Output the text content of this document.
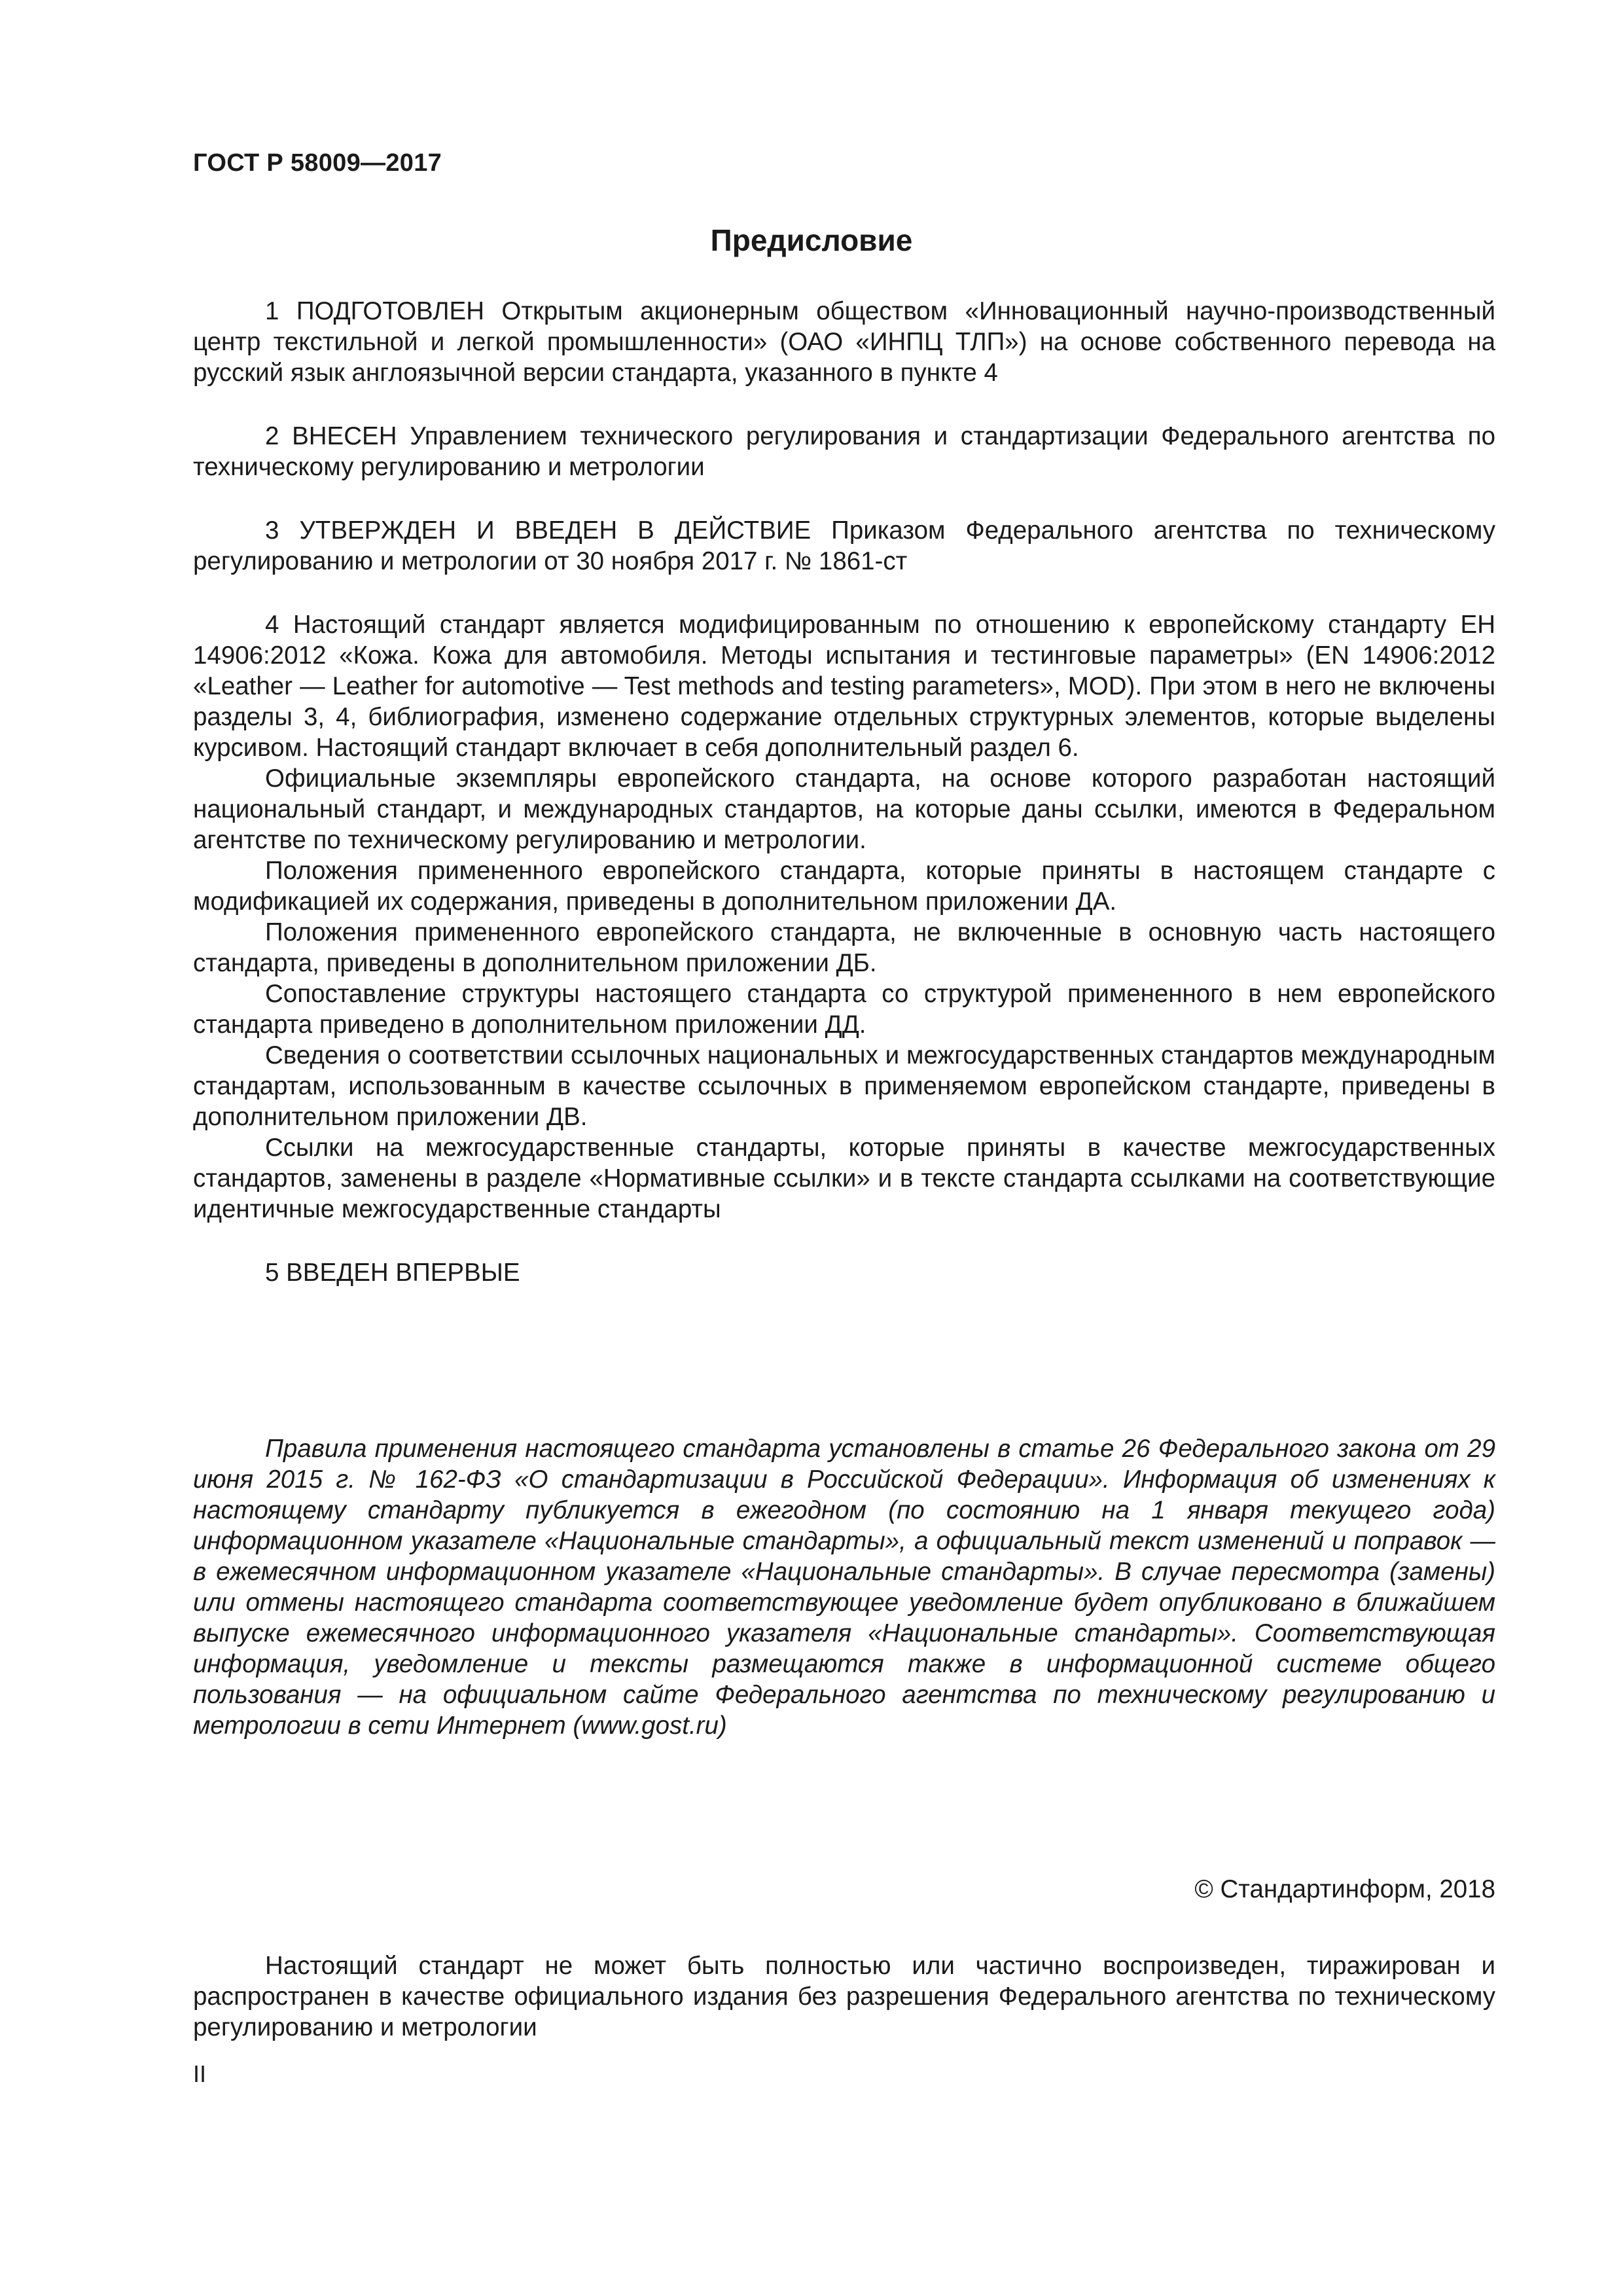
ГОСТ Р 58009—2017
Предисловие

1 ПОДГОТОВЛЕН Открытым акционерным обществом «Инновационный научно-производственный центр текстильной и легкой промышленности» (ОАО «ИНПЦ ТЛП») на основе собственного перевода на русский язык англоязычной версии стандарта, указанного в пункте 4

2 ВНЕСЕН Управлением технического регулирования и стандартизации Федерального агентства по техническому регулированию и метрологии

3 УТВЕРЖДЕН И ВВЕДЕН В ДЕЙСТВИЕ Приказом Федерального агентства по техническому регулированию и метрологии от 30 ноября 2017 г. № 1861-ст

4 Настоящий стандарт является модифицированным по отношению к европейскому стандарту ЕН 14906:2012 «Кожа. Кожа для автомобиля. Методы испытания и тестинговые параметры» (EN 14906:2012 «Leather — Leather for automotive — Test methods and testing parameters», MOD). При этом в него не включены разделы 3, 4, библиография, изменено содержание отдельных структурных элементов, которые выделены курсивом. Настоящий стандарт включает в себя дополнительный раздел 6.

Официальные экземпляры европейского стандарта, на основе которого разработан настоящий национальный стандарт, и международных стандартов, на которые даны ссылки, имеются в Федеральном агентстве по техническому регулированию и метрологии.

Положения примененного европейского стандарта, которые приняты в настоящем стандарте с модификацией их содержания, приведены в дополнительном приложении ДА.

Положения примененного европейского стандарта, не включенные в основную часть настоящего стандарта, приведены в дополнительном приложении ДБ.

Сопоставление структуры настоящего стандарта со структурой примененного в нем европейского стандарта приведено в дополнительном приложении ДД.

Сведения о соответствии ссылочных национальных и межгосударственных стандартов международным стандартам, использованным в качестве ссылочных в применяемом европейском стандарте, приведены в дополнительном приложении ДВ.

Ссылки на межгосударственные стандарты, которые приняты в качестве межгосударственных стандартов, заменены в разделе «Нормативные ссылки» и в тексте стандарта ссылками на соответствующие идентичные межгосударственные стандарты

5 ВВЕДЕН ВПЕРВЫЕ

Правила применения настоящего стандарта установлены в статье 26 Федерального закона от 29 июня 2015 г. № 162-ФЗ «О стандартизации в Российской Федерации». Информация об изменениях к настоящему стандарту публикуется в ежегодном (по состоянию на 1 января текущего года) информационном указателе «Национальные стандарты», а официальный текст изменений и поправок — в ежемесячном информационном указателе «Национальные стандарты». В случае пересмотра (замены) или отмены настоящего стандарта соответствующее уведомление будет опубликовано в ближайшем выпуске ежемесячного информационного указателя «Национальные стандарты». Соответствующая информация, уведомление и тексты размещаются также в информационной системе общего пользования — на официальном сайте Федерального агентства по техническому регулированию и метрологии в сети Интернет (www.gost.ru)
© Стандартинформ, 2018
Настоящий стандарт не может быть полностью или частично воспроизведен, тиражирован и распространен в качестве официального издания без разрешения Федерального агентства по техническому регулированию и метрологии
II
